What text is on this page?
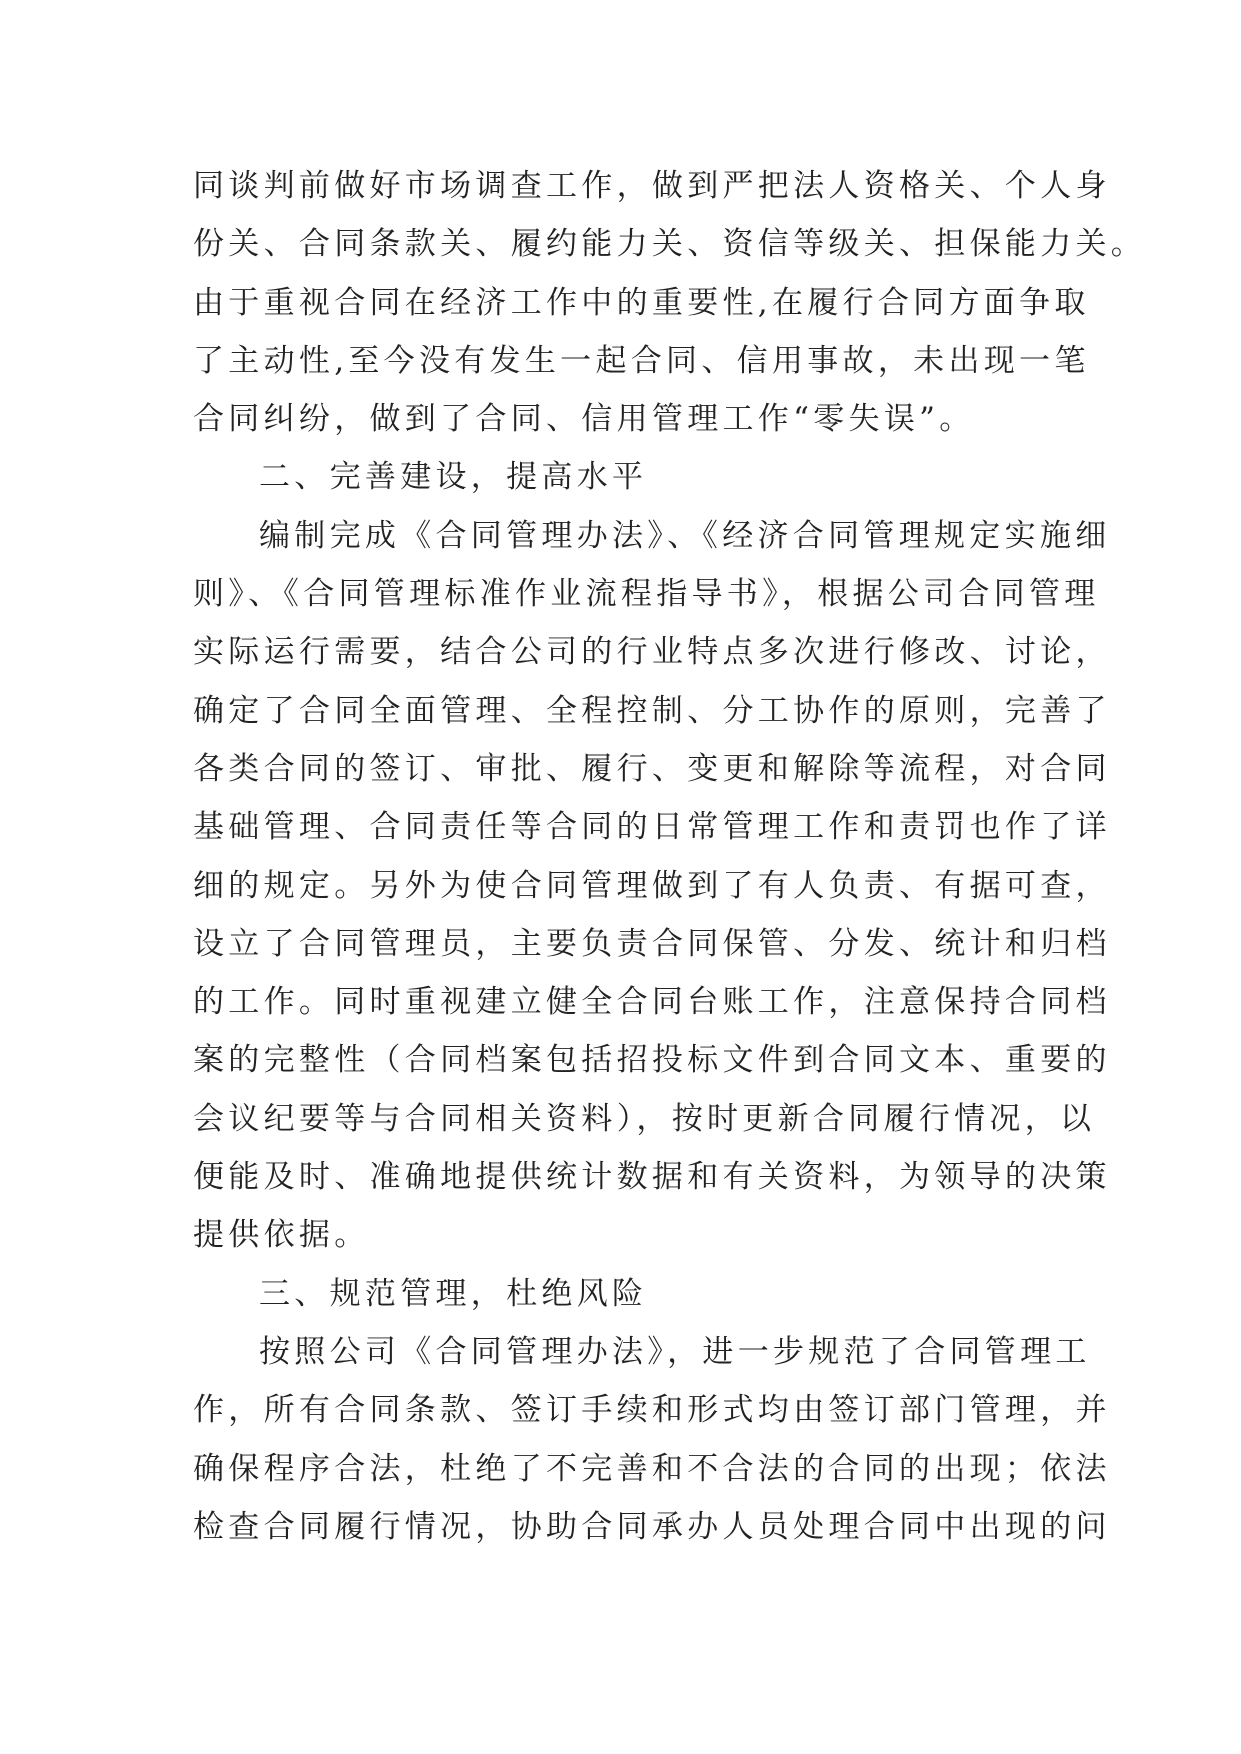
同谈判前做好市场调查工作，做到严把法人资格关、个人身
份关、合同条款关、履约能力关、资信等级关、担保能力关。
由于重视合同在经济工作中的重要性,在履行合同方面争取
了主动性,至今没有发生一起合同、信用事故，未出现一笔
合同纠纷，做到了合同、信用管理工作“零失误”。
二、完善建设，提高水平
编制完成《合同管理办法》、《经济合同管理规定实施细
则》、《合同管理标准作业流程指导书》，根据公司合同管理
实际运行需要，结合公司的行业特点多次进行修改、讨论，
确定了合同全面管理、全程控制、分工协作的原则，完善了
各类合同的签订、审批、履行、变更和解除等流程，对合同
基础管理、合同责任等合同的日常管理工作和责罚也作了详
细的规定。另外为使合同管理做到了有人负责、有据可查，
设立了合同管理员，主要负责合同保管、分发、统计和归档
的工作。同时重视建立健全合同台账工作，注意保持合同档
案的完整性（合同档案包括招投标文件到合同文本、重要的
会议纪要等与合同相关资料），按时更新合同履行情况，以
便能及时、准确地提供统计数据和有关资料，为领导的决策
提供依据。
三、规范管理，杜绝风险
按照公司《合同管理办法》，进一步规范了合同管理工
作，所有合同条款、签订手续和形式均由签订部门管理，并
确保程序合法，杜绝了不完善和不合法的合同的出现；依法
检查合同履行情况，协助合同承办人员处理合同中出现的问
